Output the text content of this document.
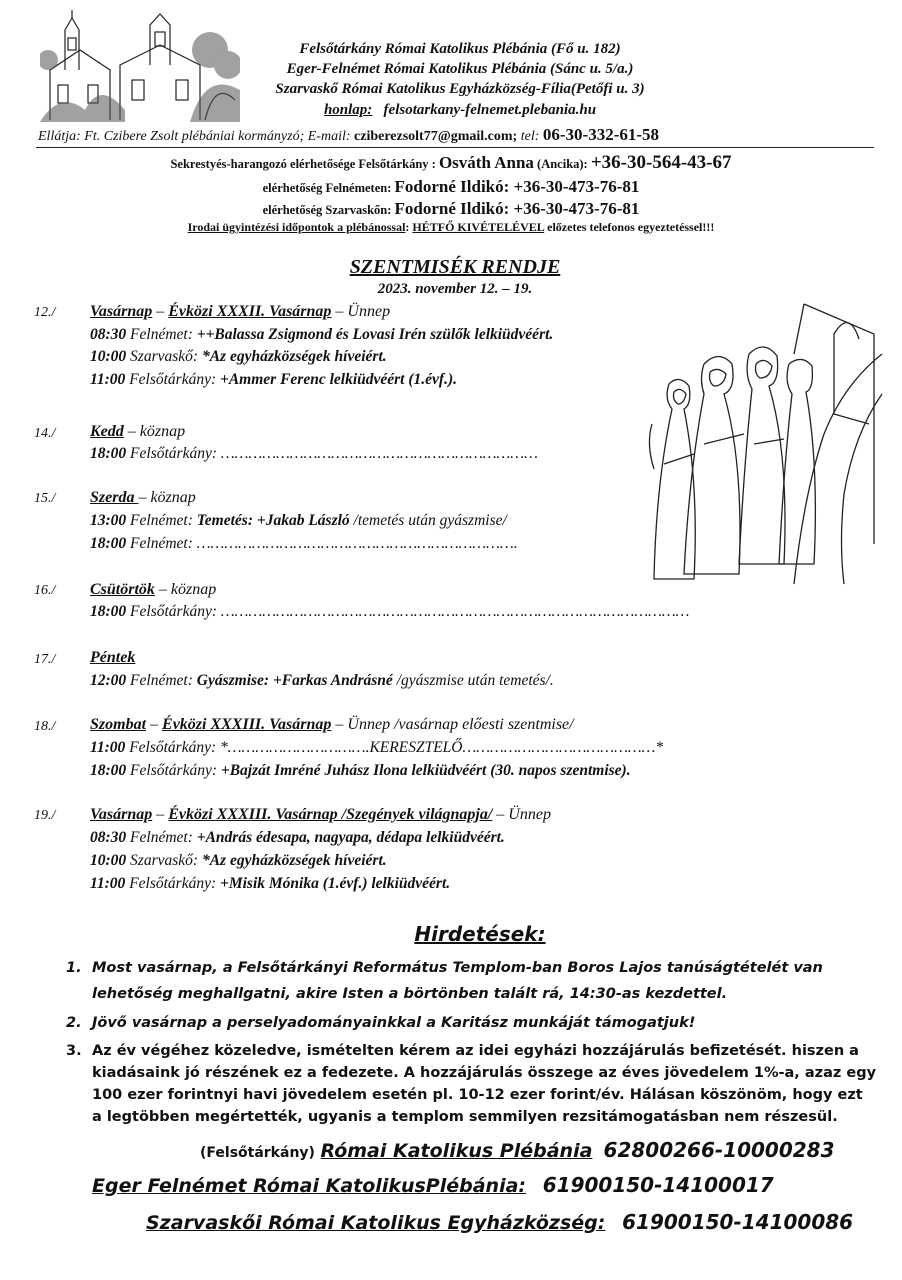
Felsőtárkány Római Katolikus Plébánia (Fő u. 182)
Eger-Felnémet Római Katolikus Plébánia (Sánc u. 5/a.)
Szarvaskő Római Katolikus Egyházközség-Fília(Petőfi u. 3)
honlap: felsotarkany-felnemet.plebania.hu
Ellátja: Ft. Czibere Zsolt plébániai kormányzó; E-mail: cziberezsolt77@gmail.com; tel: 06-30-332-61-58
Sekrestyés-harangozó elérhetősége Felsőtárkány : Osváth Anna (Ancika): +36-30-564-43-67
elérhetőség Felnémeten: Fodorné Ildikó: +36-30-473-76-81
elérhetőség Szarvaskőn: Fodorné Ildikó: +36-30-473-76-81
Irodai ügyintézési időpontok a plébánossal: HÉTFŐ KIVÉTELÉVEL előzetes telefonos egyeztetéssel!!!
SZENTMISÉK RENDJE
2023. november 12. – 19.
12./ Vasárnap – Évközi XXXII. Vasárnap – Ünnep
08:30 Felnémet: ++Balassa Zsigmond és Lovasi Irén szülők lelkiüdvéért.
10:00 Szarvaskő: *Az egyházközségek híveiért.
11:00 Felsőtárkány: +Ammer Ferenc lelkiüdvéért (1.évf.).
14./ Kedd – köznap
18:00 Felsőtárkány: ……………………………………………………………
15./ Szerda – köznap
13:00 Felnémet: Temetés: +Jakab László /temetés után gyászmise/
18:00 Felnémet: …………………………………………………………….
16./ Csütörtök – köznap
18:00 Felsőtárkány: …………………………………………………………………………………………
17./ Péntek
12:00 Felnémet: Gyászmise: +Farkas Andrásné /gyászmise után temetés/.
18./ Szombat – Évközi XXXIII. Vasárnap – Ünnep /vasárnap előesti szentmise/
11:00 Felsőtárkány: *………………………….KERESZTELŐ……………………………………*
18:00 Felsőtárkány: +Bajzát Imréné Juhász Ilona lelkiüdvéért (30. napos szentmise).
19./ Vasárnap – Évközi XXXIII. Vasárnap /Szegények világnapja/ – Ünnep
08:30 Felnémet: +András édesapa, nagyapa, dédapa lelkiüdvéért.
10:00 Szarvaskő: *Az egyházközségek híveiért.
11:00 Felsőtárkány: +Misik Mónika (1.évf.) lelkiüdvéért.
Hirdetések:
1. Most vasárnap, a Felsőtárkányi Református Templom-ban Boros Lajos tanúságtételét van
lehetőség meghallgatni, akire Isten a börtönben talált rá, 14:30-as kezdettel.
2. Jövő vasárnap a perselyadományainkkal a Karitász munkáját támogatjuk!
3. Az év végéhez közeledve, ismételten kérem az idei egyházi hozzájárulás befizetését. hiszen a
kiadásaink jó részének ez a fedezete. A hozzájárulás összege az éves jövedelem 1%-a, azaz egy
100 ezer forintnyi havi jövedelem esetén pl. 10-12 ezer forint/év. Hálásan köszönöm, hogy ezt
a legtöbben megértették, ugyanis a templom semmilyen rezsitámogatásban nem részesül.
(Felsőtárkány) Római Katolikus Plébánia 62800266-10000283
Eger Felnémet Római KatolikusPlébánia: 61900150-14100017
Szarvaskői Római Katolikus Egyházközség: 61900150-14100086
